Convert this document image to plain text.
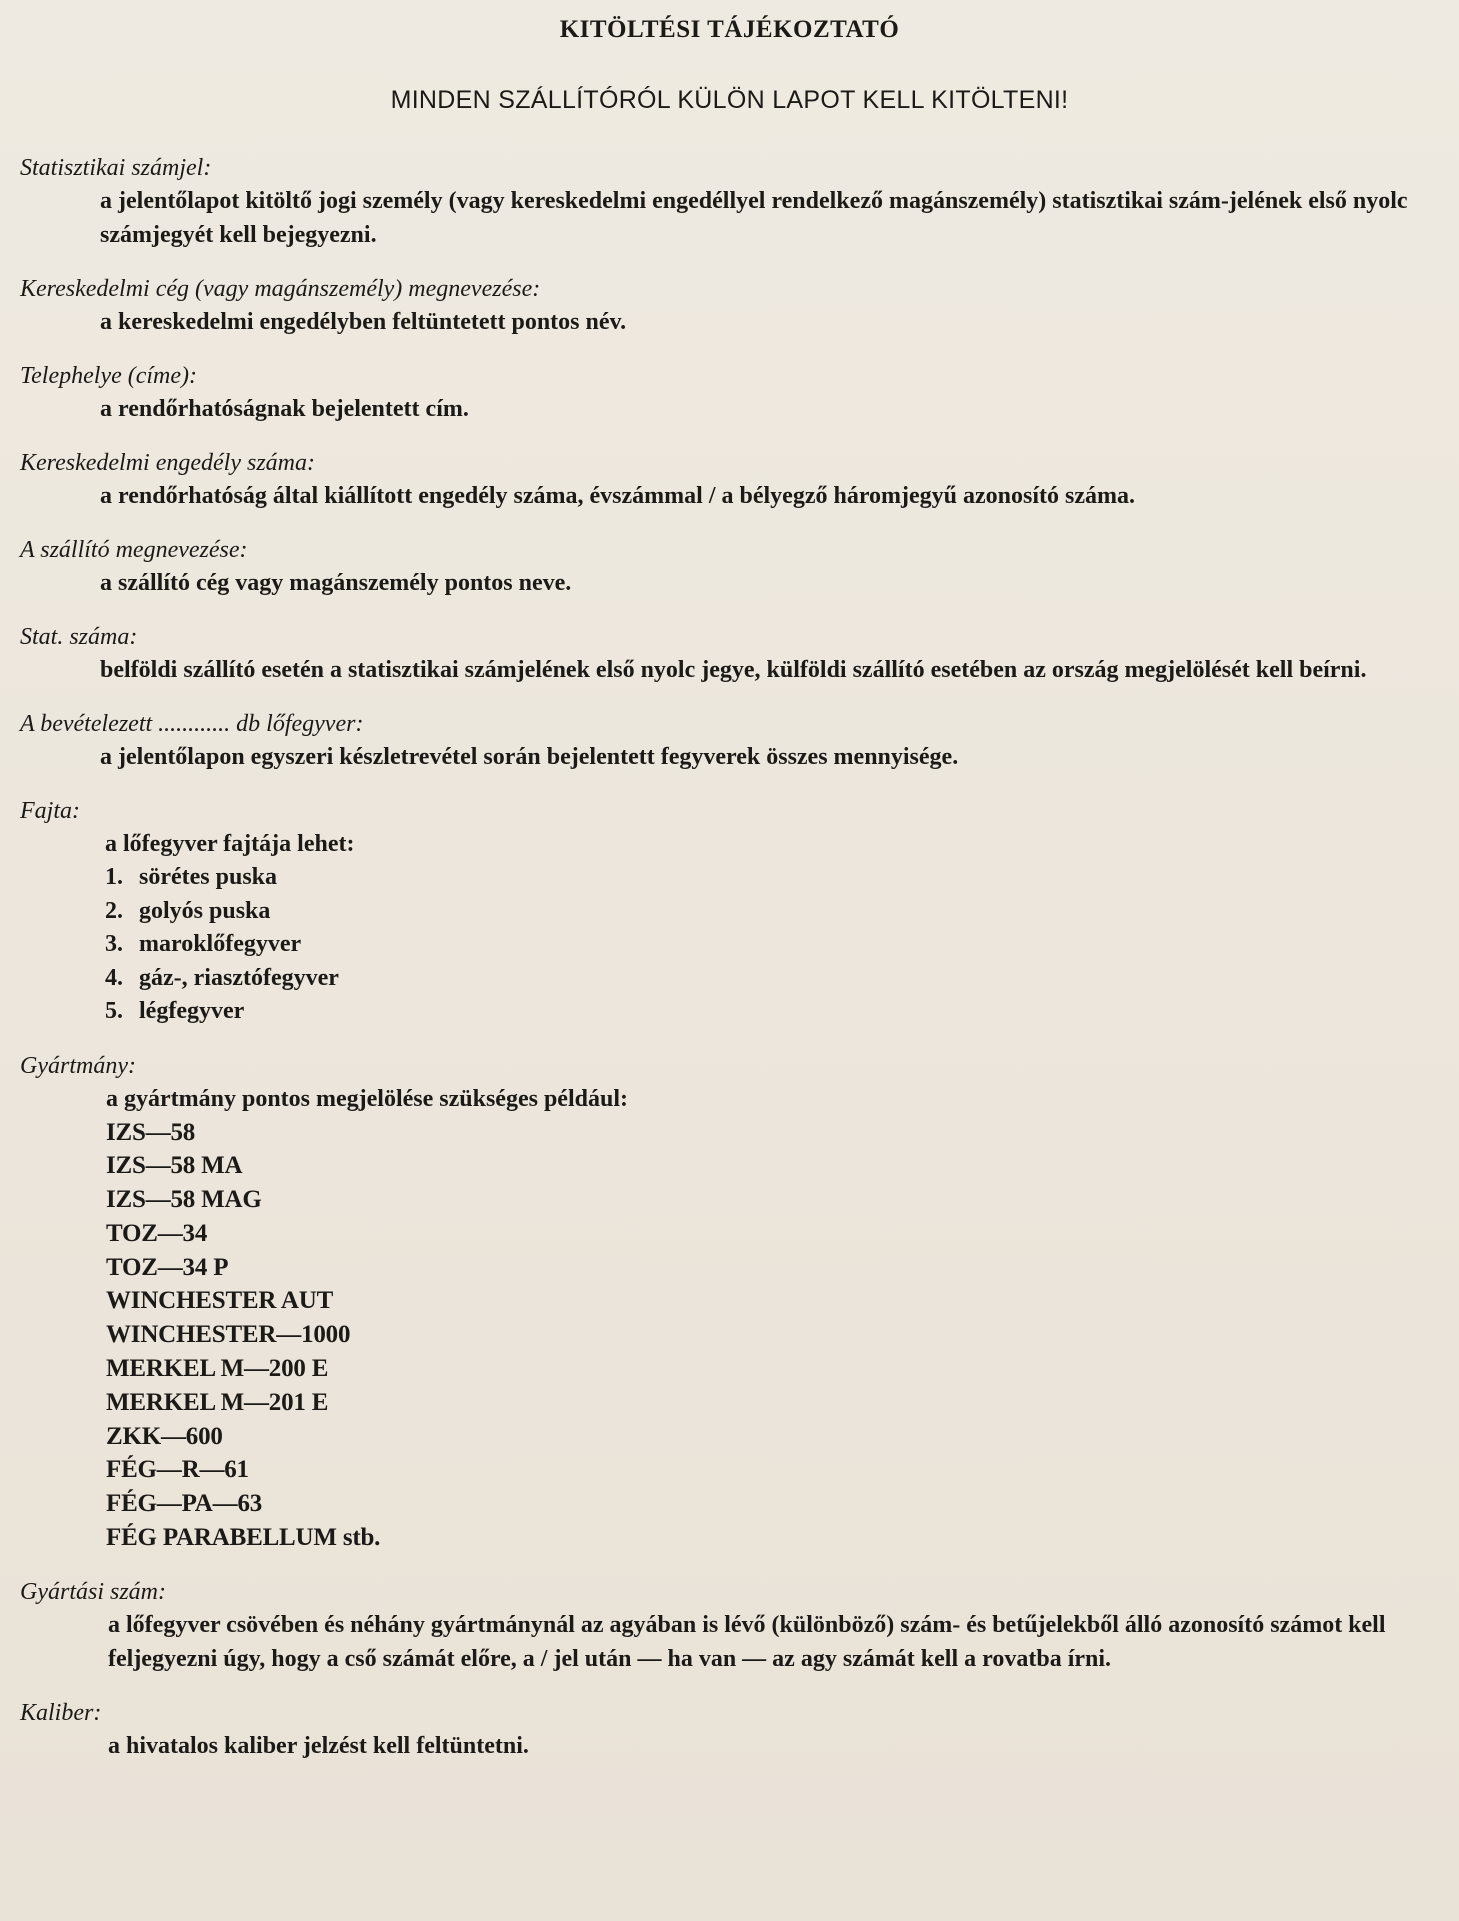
KITÖLTÉSI TÁJÉKOZTATÓ
MINDEN SZÁLLÍTÓRÓL KÜLÖN LAPOT KELL KITÖLTENI!
Statisztikai számjel:
a jelentőlapot kitöltő jogi személy (vagy kereskedelmi engedéllyel rendelkező magánszemély) statisztikai szám-jelének első nyolc számjegyét kell bejegyezni.
Kereskedelmi cég (vagy magánszemély) megnevezése:
a kereskedelmi engedélyben feltüntetett pontos név.
Telephelye (címe):
a rendőrhatóságnak bejelentett cím.
Kereskedelmi engedély száma:
a rendőrhatóság által kiállított engedély száma, évszámmal / a bélyegző háromjegyű azonosító száma.
A szállító megnevezése:
a szállító cég vagy magánszemély pontos neve.
Stat. száma:
belföldi szállító esetén a statisztikai számjelének első nyolc jegye, külföldi szállító esetében az ország megjelölését kell beírni.
A bevételezett ............ db lőfegyver:
a jelentőlapon egyszeri készletrevétel során bejelentett fegyverek összes mennyisége.
Fajta:
a lőfegyver fajtája lehet:
1. sörétes puska
2. golyós puska
3. maroklőfegyver
4. gáz-, riasztófegyver
5. légfegyver
Gyártmány:
a gyártmány pontos megjelölése szükséges például:
IZS—58
IZS—58 MA
IZS—58 MAG
TOZ—34
TOZ—34 P
WINCHESTER AUT
WINCHESTER—1000
MERKEL M—200 E
MERKEL M—201 E
ZKK—600
FÉG—R—61
FÉG—PA—63
FÉG PARABELLUM stb.
Gyártási szám:
a lőfegyver csövében és néhány gyártmánynál az agyában is lévő (különböző) szám- és betűjelekből álló azonosító számot kell feljegyezni úgy, hogy a cső számát előre, a / jel után — ha van — az agy számát kell a rovatba írni.
Kaliber:
a hivatalos kaliber jelzést kell feltüntetni.
